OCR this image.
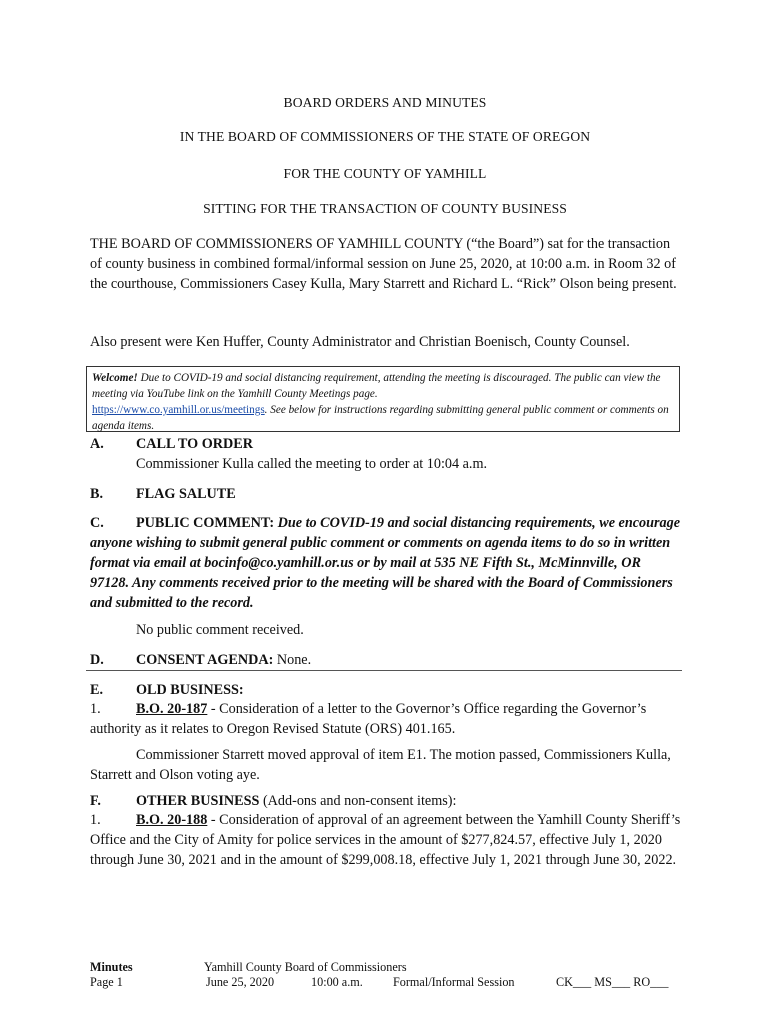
BOARD ORDERS AND MINUTES
IN THE BOARD OF COMMISSIONERS OF THE STATE OF OREGON
FOR THE COUNTY OF YAMHILL
SITTING FOR THE TRANSACTION OF COUNTY BUSINESS
THE BOARD OF COMMISSIONERS OF YAMHILL COUNTY (“the Board”) sat for the transaction of county business in combined formal/informal session on June 25, 2020, at 10:00 a.m. in Room 32 of the courthouse, Commissioners Casey Kulla, Mary Starrett and Richard L. “Rick” Olson being present.
Also present were Ken Huffer, County Administrator and Christian Boenisch, County Counsel.
Welcome! Due to COVID-19 and social distancing requirement, attending the meeting is discouraged. The public can view the meeting via YouTube link on the Yamhill County Meetings page.
https://www.co.yamhill.or.us/meetings. See below for instructions regarding submitting general public comment or comments on agenda items.
A. CALL TO ORDER
Commissioner Kulla called the meeting to order at 10:04 a.m.
B. FLAG SALUTE
C. PUBLIC COMMENT: Due to COVID-19 and social distancing requirements, we encourage anyone wishing to submit general public comment or comments on agenda items to do so in written format via email at bocinfo@co.yamhill.or.us or by mail at 535 NE Fifth St., McMinnville, OR 97128. Any comments received prior to the meeting will be shared with the Board of Commissioners and submitted to the record.
No public comment received.
D. CONSENT AGENDA: None.
E. OLD BUSINESS:
1. B.O. 20-187 - Consideration of a letter to the Governor’s Office regarding the Governor’s authority as it relates to Oregon Revised Statute (ORS) 401.165.
Commissioner Starrett moved approval of item E1. The motion passed, Commissioners Kulla, Starrett and Olson voting aye.
F. OTHER BUSINESS (Add-ons and non-consent items):
1. B.O. 20-188 - Consideration of approval of an agreement between the Yamhill County Sheriff’s Office and the City of Amity for police services in the amount of $277,824.57, effective July 1, 2020 through June 30, 2021 and in the amount of $299,008.18, effective July 1, 2021 through June 30, 2022.
Minutes
Page 1
Yamhill County Board of Commissioners
June 25, 2020	10:00 a.m. Formal/Informal Session	CK___ MS___ RO___
